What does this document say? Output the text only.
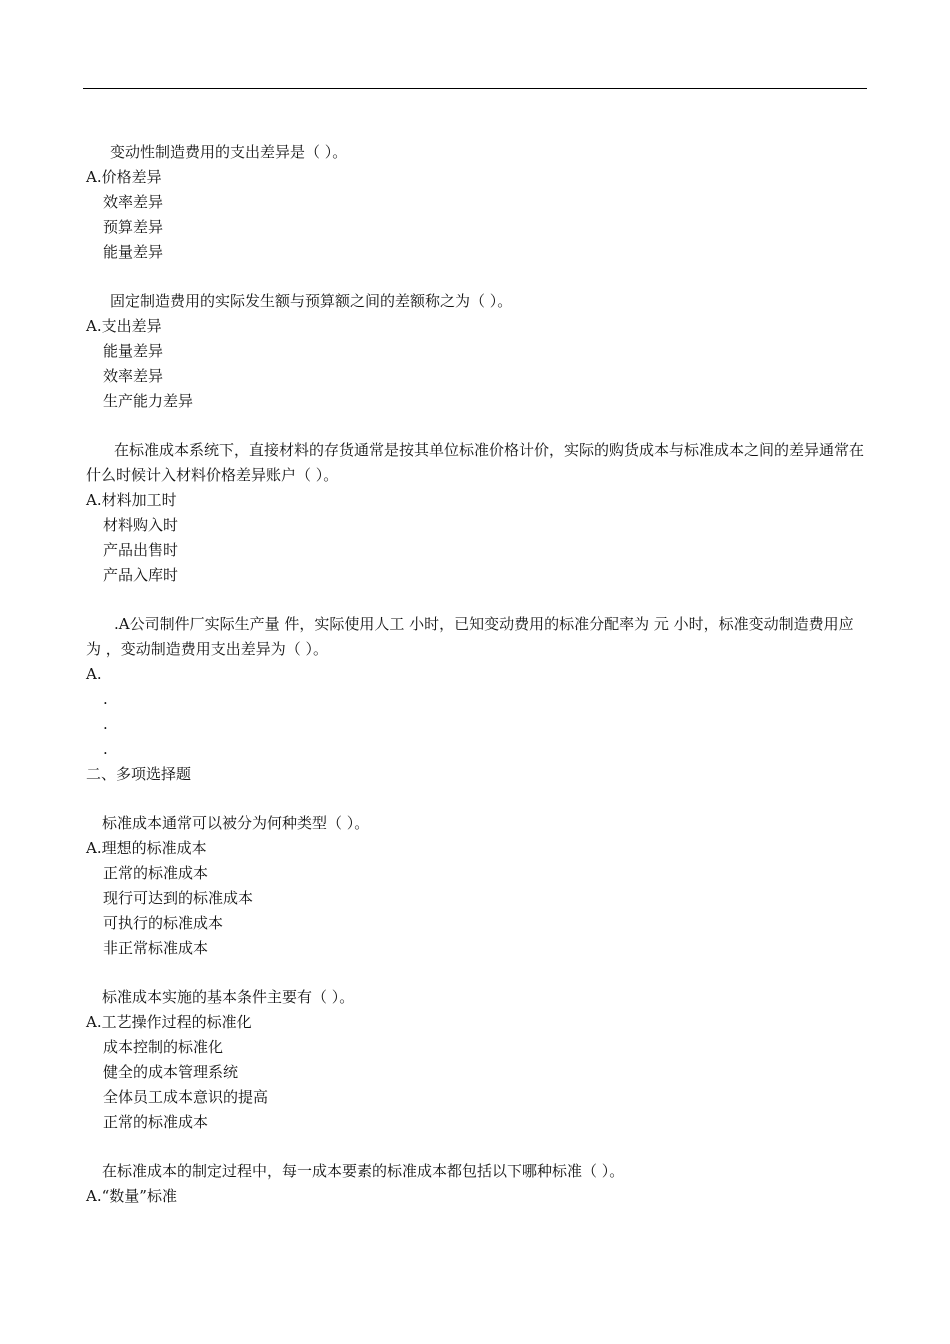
变动性制造费用的支出差异是（ ）。
A.价格差异
效率差异
预算差异
能量差异
固定制造费用的实际发生额与预算额之间的差额称之为（ ）。
A.支出差异
能量差异
效率差异
生产能力差异
在标准成本系统下，直接材料的存货通常是按其单位标准价格计价，实际的购货成本与标准成本之间的差异通常在什么时候计入材料价格差异账户（ ）。
A.材料加工时
材料购入时
产品出售时
产品入库时
.A公司制件厂实际生产量 件，实际使用人工 小时，已知变动费用的标准分配率为 元 小时，标准变动制造费用应为 ，变动制造费用支出差异为（ ）。
A.
.
.
.
二、多项选择题
标准成本通常可以被分为何种类型（ ）。
A.理想的标准成本
正常的标准成本
现行可达到的标准成本
可执行的标准成本
非正常标准成本
标准成本实施的基本条件主要有（ ）。
A.工艺操作过程的标准化
成本控制的标准化
健全的成本管理系统
全体员工成本意识的提高
正常的标准成本
在标准成本的制定过程中，每一成本要素的标准成本都包括以下哪种标准（ ）。
A.“数量”标准
